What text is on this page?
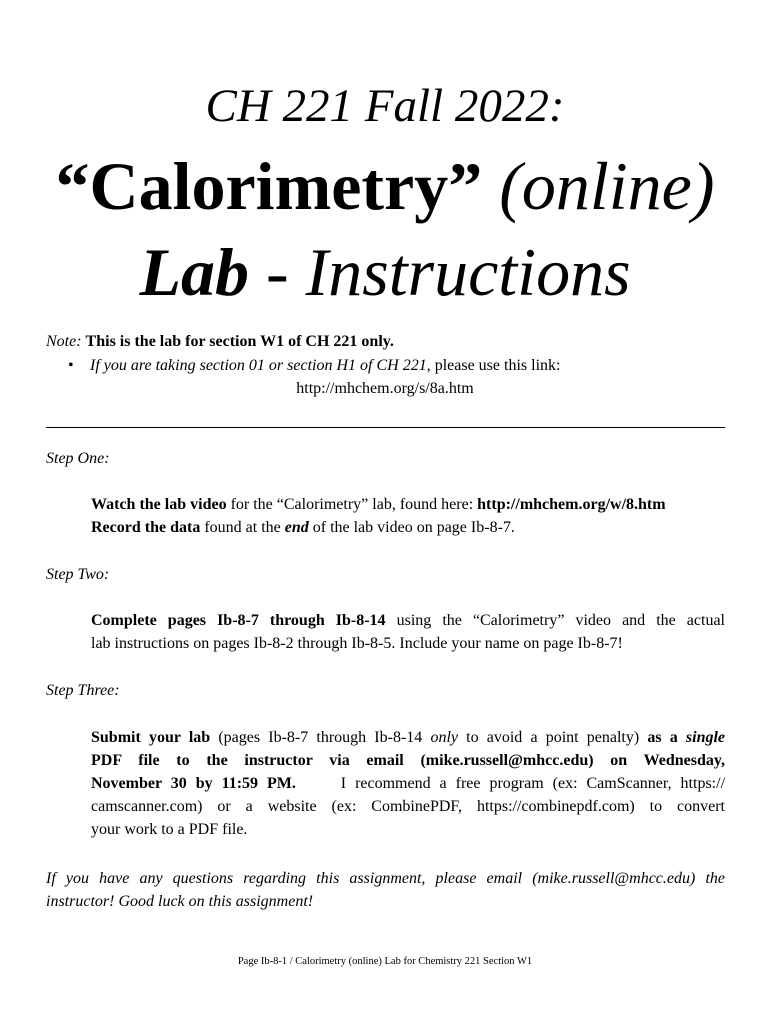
CH 221 Fall 2022:
“Calorimetry” (online)
Lab - Instructions
Note: This is the lab for section W1 of CH 221 only.
• If you are taking section 01 or section H1 of CH 221, please use this link:
http://mhchem.org/s/8a.htm
Step One:
Watch the lab video for the “Calorimetry” lab, found here: http://mhchem.org/w/8.htm
Record the data found at the end of the lab video on page Ib-8-7.
Step Two:
Complete pages Ib-8-7 through Ib-8-14 using the “Calorimetry” video and the actual
lab instructions on pages Ib-8-2 through Ib-8-5. Include your name on page Ib-8-7!
Step Three:
Submit your lab (pages Ib-8-7 through Ib-8-14 only to avoid a point penalty) as a single
PDF file to the instructor via email (mike.russell@mhcc.edu) on Wednesday,
November 30 by 11:59 PM.	I recommend a free program (ex: CamScanner, https://
camscanner.com) or a website (ex: CombinePDF, https://combinepdf.com) to convert
your work to a PDF file.
If you have any questions regarding this assignment, please email (mike.russell@mhcc.edu) the
instructor! Good luck on this assignment!
Page Ib-8-1 / Calorimetry (online) Lab for Chemistry 221 Section W1
